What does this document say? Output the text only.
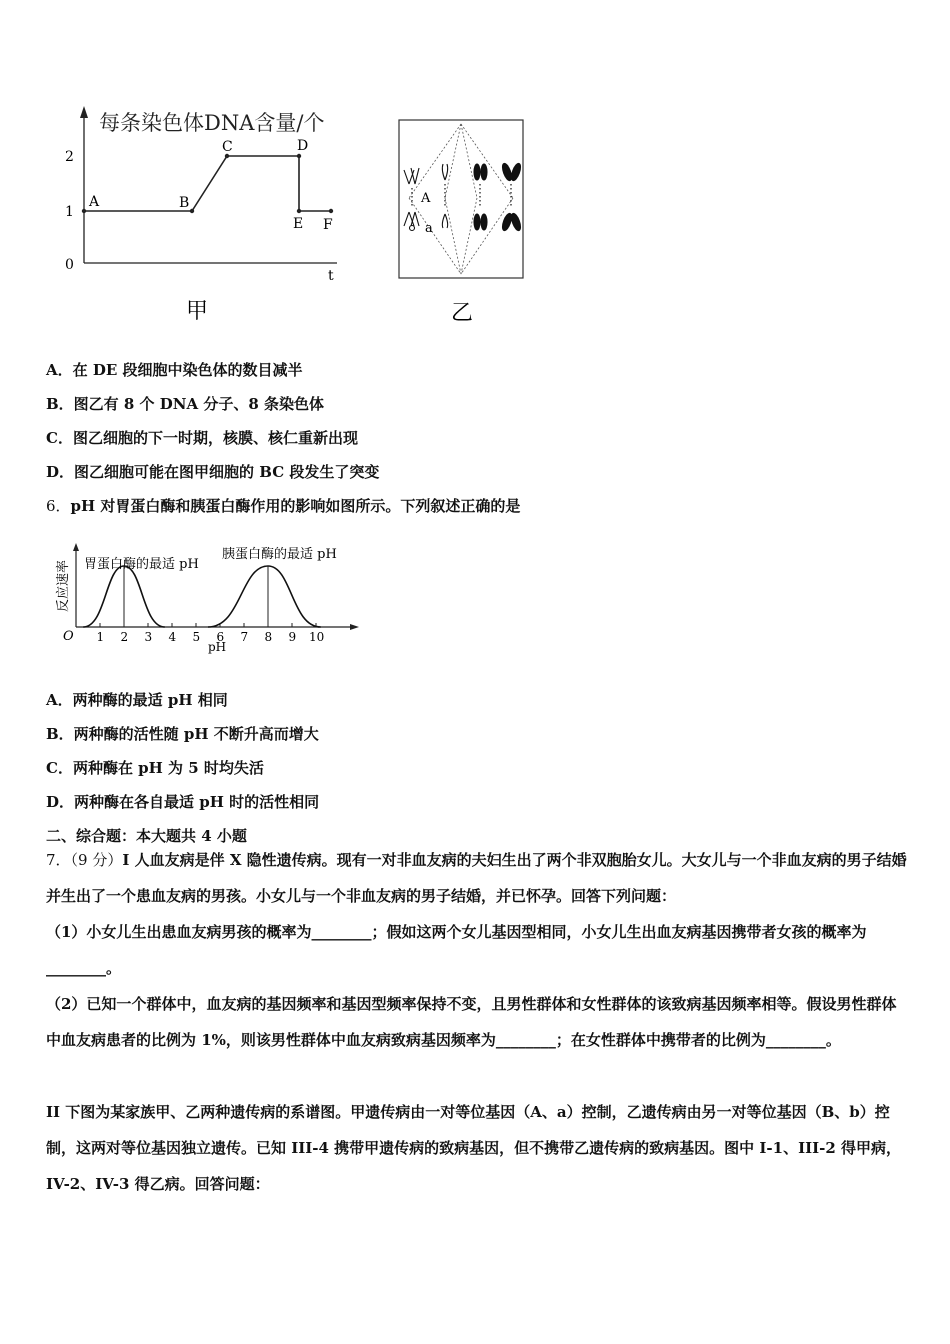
每条染色体DNA含量/个
2
1
0
t
A	B
C	D
E F
甲
A
a
乙
A．在 DE 段细胞中染色体的数目减半
B．图乙有 8 个 DNA 分子、8 条染色体
C．图乙细胞的下一时期，核膜、核仁重新出现
D．图乙细胞可能在图甲细胞的 BC 段发生了突变
6．pH 对胃蛋白酶和胰蛋白酶作用的影响如图所示。下列叙述正确的是
反应速率
O
pH
1 2 3 4 5 6 7 8 9 10
胃蛋白酶的最适 pH
胰蛋白酶的最适 pH
A．两种酶的最适 pH 相同
B．两种酶的活性随 pH 不断升高而增大
C．两种酶在 pH 为 5 时均失活
D．两种酶在各自最适 pH 时的活性相同
二、综合题：本大题共 4 小题
7．（9 分）I 人血友病是伴 X 隐性遗传病。现有一对非血友病的夫妇生出了两个非双胞胎女儿。大女儿与一个非血友病的男子结婚并生出了一个患血友病的男孩。小女儿与一个非血友病的男子结婚，并已怀孕。回答下列问题：
（1）小女儿生出患血友病男孩的概率为________；假如这两个女儿基因型相同，小女儿生出血友病基因携带者女孩的概率为________。
（2）已知一个群体中，血友病的基因频率和基因型频率保持不变，且男性群体和女性群体的该致病基因频率相等。假设男性群体中血友病患者的比例为 1%，则该男性群体中血友病致病基因频率为________；在女性群体中携带者的比例为________。
II 下图为某家族甲、乙两种遗传病的系谱图。甲遗传病由一对等位基因（A、a）控制，乙遗传病由另一对等位基因（B、b）控制，这两对等位基因独立遗传。已知 III-4 携带甲遗传病的致病基因，但不携带乙遗传病的致病基因。图中 I-1、III-2 得甲病，IV-2、IV-3 得乙病。回答问题：
